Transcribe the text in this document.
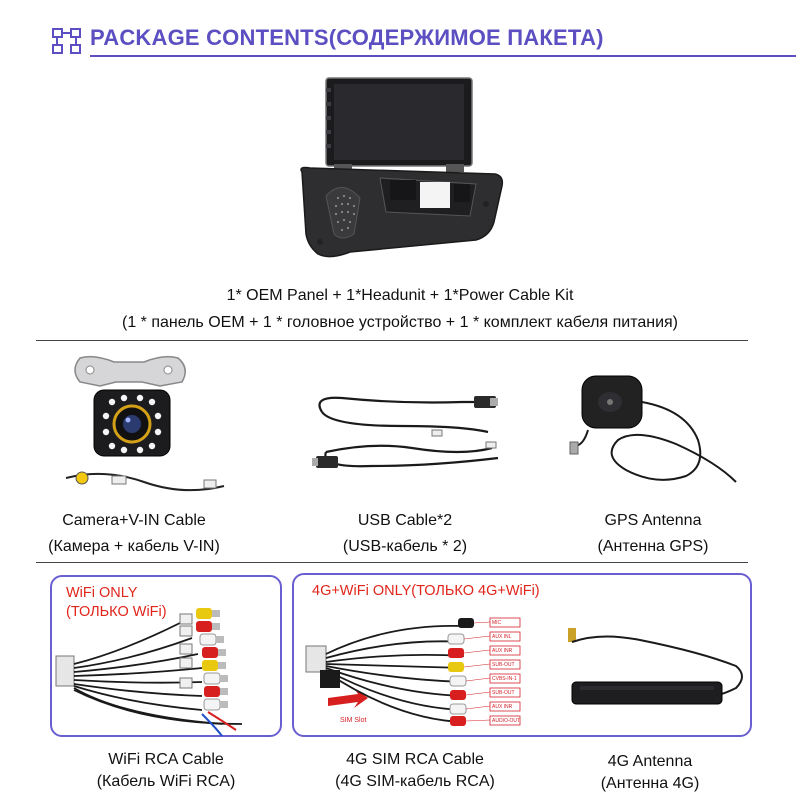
PACKAGE CONTENTS(СОДЕРЖИМОЕ ПАКЕТА)
1* OEM Panel + 1*Headunit + 1*Power Cable Kit
(1 * панель OEM + 1 * головное устройство + 1 * комплект кабеля питания)
Camera+V-IN Cable
(Камера + кабель V-IN)
USB Cable*2
(USB-кабель * 2)
GPS Antenna
(Антенна GPS)
WiFi ONLY
(ТОЛЬКО WiFi)
WiFi RCA Cable
(Кабель WiFi RCA)
4G+WiFi ONLY(ТОЛЬКО 4G+WiFi)
MIC
AUX INL
AUX INR
SUB-OUT
CVBS-IN-1
SUB-OUT
AUX INR
AUDIO-OUT
SIM Slot
4G SIM RCA Cable
(4G SIM-кабель RCA)
4G Antenna
(Антенна 4G)
